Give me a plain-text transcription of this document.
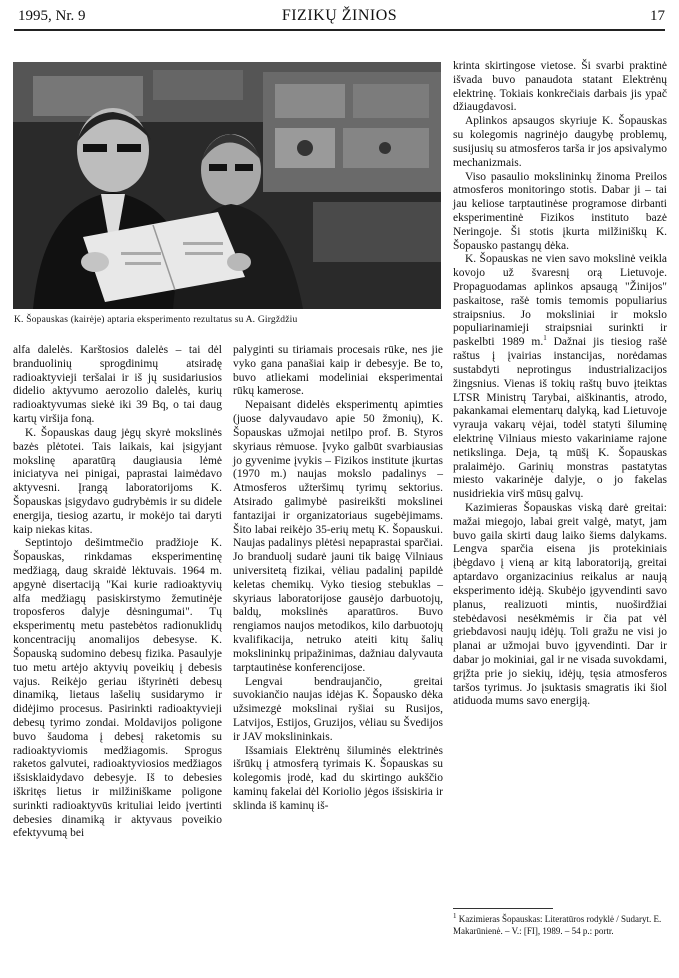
1995, Nr. 9	FIZIKŲ ŽINIOS	17
K. Šopauskas (kairėje) aptaria eksperimento rezultatus su A. Girgždžiu

alfa dalelės. Karštosios dalelės – tai dėl branduolinių sprogdinimų atsiradę radioaktyvieji teršalai ir iš jų susidariusios didelio aktyvumo aerozolio dalelės, kurių radioaktyvumas siekė iki 39 Bq, o tai daug kartų viršija foną.

K. Šopauskas daug jėgų skyrė mokslinės bazės plėtotei. Tais laikais, kai įsigyjant mokslinę aparatūrą daugiausia lėmė iniciatyva nei pinigai, paprastai laimėdavo aktyvesni. Įrangą laboratorijoms K. Šopauskas įsigydavo gudrybėmis ir su didele energija, tiesiog azartu, ir mokėjo tai daryti kaip niekas kitas.

Septintojo dešimtmečio pradžioje K. Šopauskas, rinkdamas eksperimentinę medžiagą, daug skraidė lėktuvais. 1964 m. apgynė disertaciją "Kai kurie radioaktyvių alfa medžiagų pasiskirstymo žemutinėje troposferos dalyje dėsningumai". Tų eksperimentų metu pastebėtos radionuklidų koncentracijų anomalijos debesyse. K. Šopauską sudomino debesų fizika. Pasaulyje tuo metu artėjo aktyvių poveikių į debesis vajus. Reikėjo geriau ištyrinėti debesų dinamiką, lietaus lašelių susidarymo ir didėjimo procesus. Pasirinkti radioaktyvieji debesų tyrimo zondai. Moldavijos poligone buvo šaudoma į debesį raketomis su radioaktyviomis medžiagomis. Sprogus raketos galvutei, radioaktyviosios medžiagos išsisklaidydavo debesyje. Iš to debesies iškritęs lietus ir milžiniškame poligone surinkti radioaktyvūs krituliai leido įvertinti debesies dinamiką ir aktyvaus poveikio efektyvumą bei

palyginti su tiriamais procesais rūke, nes jie vyko gana panašiai kaip ir debesyje. Be to, buvo atliekami modeliniai eksperimentai rūkų kamerose.

Nepaisant didelės eksperimentų apimties (juose dalyvaudavo apie 50 žmonių), K. Šopauskas užmojai netilpo prof. B. Styros skyriaus rėmuose. Įvyko galbūt svarbiausias jo gyvenime įvykis – Fizikos institute įkurtas (1970 m.) naujas mokslo padalinys – Atmosferos užteršimų tyrimų sektorius. Atsirado galimybė pasireikšti mokslinei fantazijai ir organizatoriaus sugebėjimams. Šito labai reikėjo 35-erių metų K. Šopauskui. Naujas padalinys plėtėsi nepaprastai sparčiai. Jo branduolį sudarė jauni tik baigę Vilniaus universitetą fizikai, vėliau padalinį papildė keletas chemikų. Vyko tiesiog stebuklas – skyriaus laboratorijose gausėjo darbuotojų, baldų, mokslinės aparatūros. Buvo rengiamos naujos metodikos, kilo darbuotojų kvalifikacija, netruko ateiti kitų šalių mokslininkų pripažinimas, dažniau dalyvauta tarptautinėse konferencijose.

Lengvai bendraujančio, greitai suvokiančio naujas idėjas K. Šopausko dėka užsimezgė mokslinai ryšiai su Rusijos, Latvijos, Estijos, Gruzijos, vėliau su Švedijos ir JAV mokslininkais.

Išsamiais Elektrėnų šiluminės elektrinės išrūkų į atmosferą tyrimais K. Šopauskas su kolegomis įrodė, kad du skirtingo aukščio kaminų fakelai dėl Koriolio jėgos išsiskiria ir sklinda iš kaminų iš-

krinta skirtingose vietose. Ši svarbi praktinė išvada buvo panaudota statant Elektrėnų elektrinę. Tokiais konkrečiais darbais jis ypač džiaugdavosi.

Aplinkos apsaugos skyriuje K. Šopauskas su kolegomis nagrinėjo daugybę problemų, susijusių su atmosferos tarša ir jos apsivalymo mechanizmais.

Viso pasaulio mokslininkų žinoma Preilos atmosferos monitoringo stotis. Dabar ji – tai jau keliose tarptautinėse programose dirbanti eksperimentinė Fizikos instituto bazė Neringoje. Ši stotis įkurta milžiniškų K. Šopausko pastangų dėka.

K. Šopauskas ne vien savo mokslinė veikla kovojo už švaresnį orą Lietuvoje. Propaguodamas aplinkos apsaugą "Žinijos" paskaitose, rašė tomis temomis populiarius straipsnius. Jo moksliniai ir mokslo populiarinamieji straipsniai surinkti ir paskelbti 1989 m.$^1$ Dažnai jis tiesiog rašė raštus į įvairias instancijas, norėdamas sustabdyti neprotingus industrializacijos žingsnius. Vienas iš tokių raštų buvo įteiktas LTSR Ministrų Tarybai, aiškinantis, atrodo, pakankamai elementarų dalyką, kad Lietuvoje vyraujа vakarų vėjai, todėl statyti šiluminę elektrinę Vilniaus miesto vakariniame rajone netikslinga. Deja, tą mūšį K. Šopauskas pralaimėjo. Garinių monstras pastatytas miesto vakarinėje dalyje, o jo fakelas nusidriekia virš mūsų galvų.

Kazimieras Šopauskas viską darė greitai: mažai miegojo, labai greit valgė, matyt, jam buvo gaila skirti daug laiko šiems dalykams. Lengva sparčia eisena jis protekiniais įbėgdavo į vieną ar kitą laboratoriją, greitai aptardavo organizacinius reikalus ar naują eksperimento idėją. Skubėjo įgyvendinti savo planus, realizuoti mintis, nuoširdžiai stebėdavosi nesėkmėmis ir čia pat vėl griebdavosi naujų idėjų. Toli gražu ne visi jo planai ar užmojai buvo įgyvendinti. Dar ir dabar jo mokiniai, gal ir ne visada suvokdami, grįžta prie jo siekių, idėjų, tęsia atmosferos taršos tyrimus. Jo įsuktasis smagratis iki šiol atiduoda mums savo energiją.

$^1$ Kazimieras Šopauskas: Literatūros rodyklė / Sudaryt. E. Makarūnienė. – V.: [FI], 1989. – 54 p.: portr.
